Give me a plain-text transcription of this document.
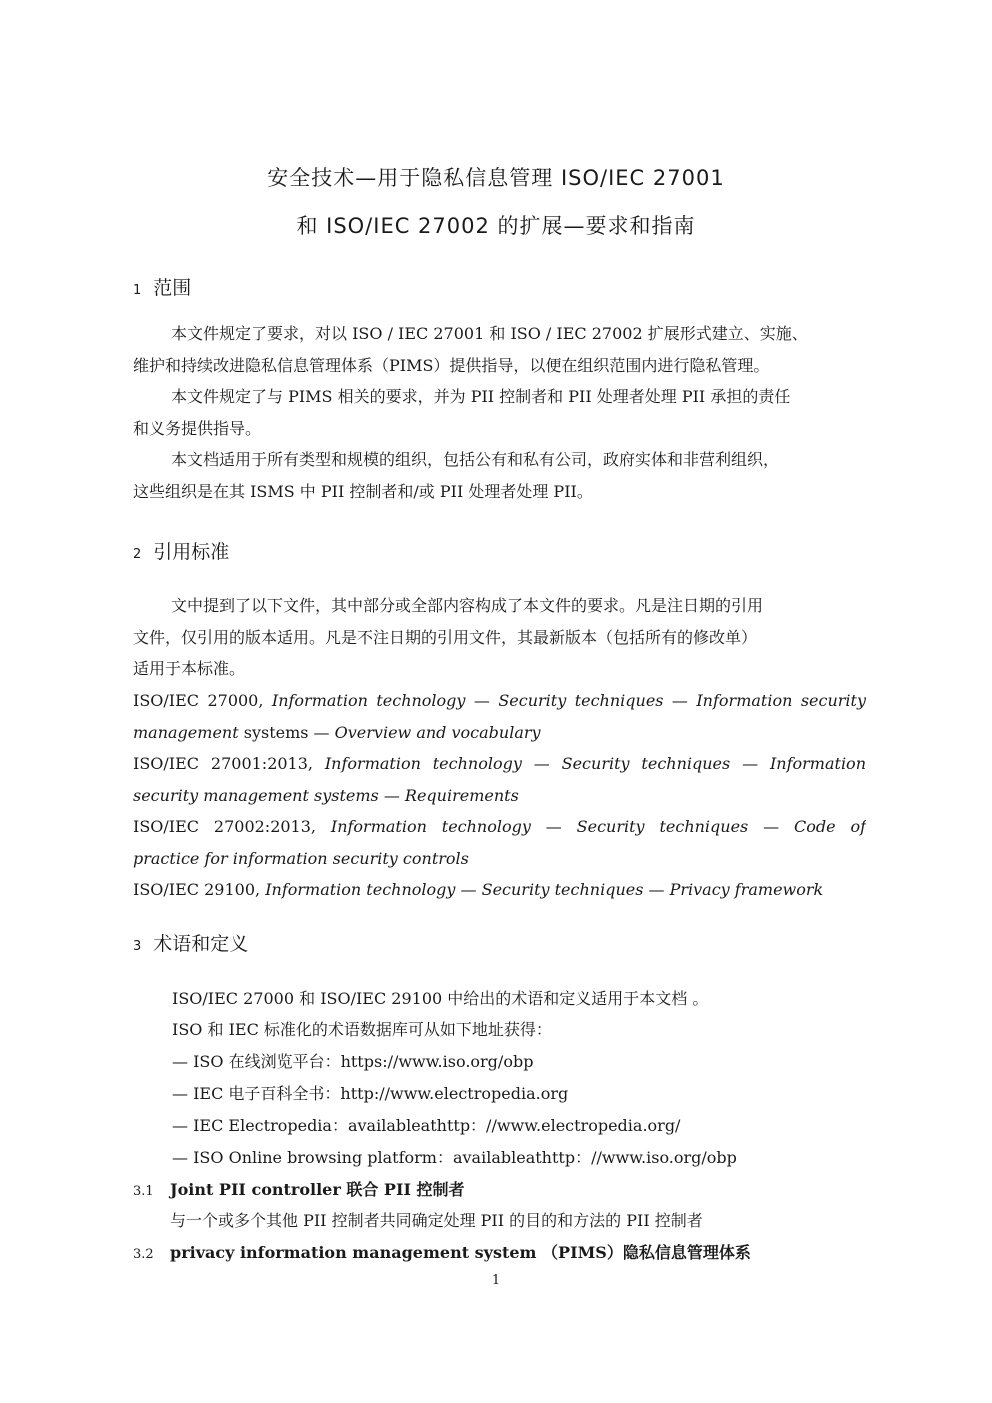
安全技术—用于隐私信息管理 ISO/IEC 27001
和 ISO/IEC 27002 的扩展—要求和指南
1 范围
本文件规定了要求，对以 ISO / IEC 27001 和 ISO / IEC 27002 扩展形式建立、实施、
维护和持续改进隐私信息管理体系（PIMS）提供指导，以便在组织范围内进行隐私管理。
本文件规定了与 PIMS 相关的要求，并为 PII 控制者和 PII 处理者处理 PII 承担的责任
和义务提供指导。
本文档适用于所有类型和规模的组织，包括公有和私有公司，政府实体和非营利组织，
这些组织是在其 ISMS 中 PII 控制者和/或 PII 处理者处理 PII。
2 引用标准
文中提到了以下文件，其中部分或全部内容构成了本文件的要求。凡是注日期的引用
文件，仅引用的版本适用。凡是不注日期的引用文件，其最新版本（包括所有的修改单）
适用于本标准。
ISO/IEC 27000, Information technology — Security techniques — Information security
management systems — Overview and vocabulary
ISO/IEC 27001:2013, Information technology — Security techniques — Information
security management systems — Requirements
ISO/IEC 27002:2013, Information technology — Security techniques — Code of
practice for information security controls
ISO/IEC 29100, Information technology — Security techniques — Privacy framework
3 术语和定义
ISO/IEC 27000 和 ISO/IEC 29100 中给出的术语和定义适用于本文档 。
ISO 和 IEC 标准化的术语数据库可从如下地址获得：
— ISO 在线浏览平台：https://www.iso.org/obp
— IEC 电子百科全书：http://www.electropedia.org
— IEC Electropedia：availableathttp：//www.electropedia.org/
— ISO Online browsing platform：availableathttp：//www.iso.org/obp
3.1 Joint PII controller 联合 PII 控制者
与一个或多个其他 PII 控制者共同确定处理 PII 的目的和方法的 PII 控制者
3.2 privacy information management system （PIMS）隐私信息管理体系
1
